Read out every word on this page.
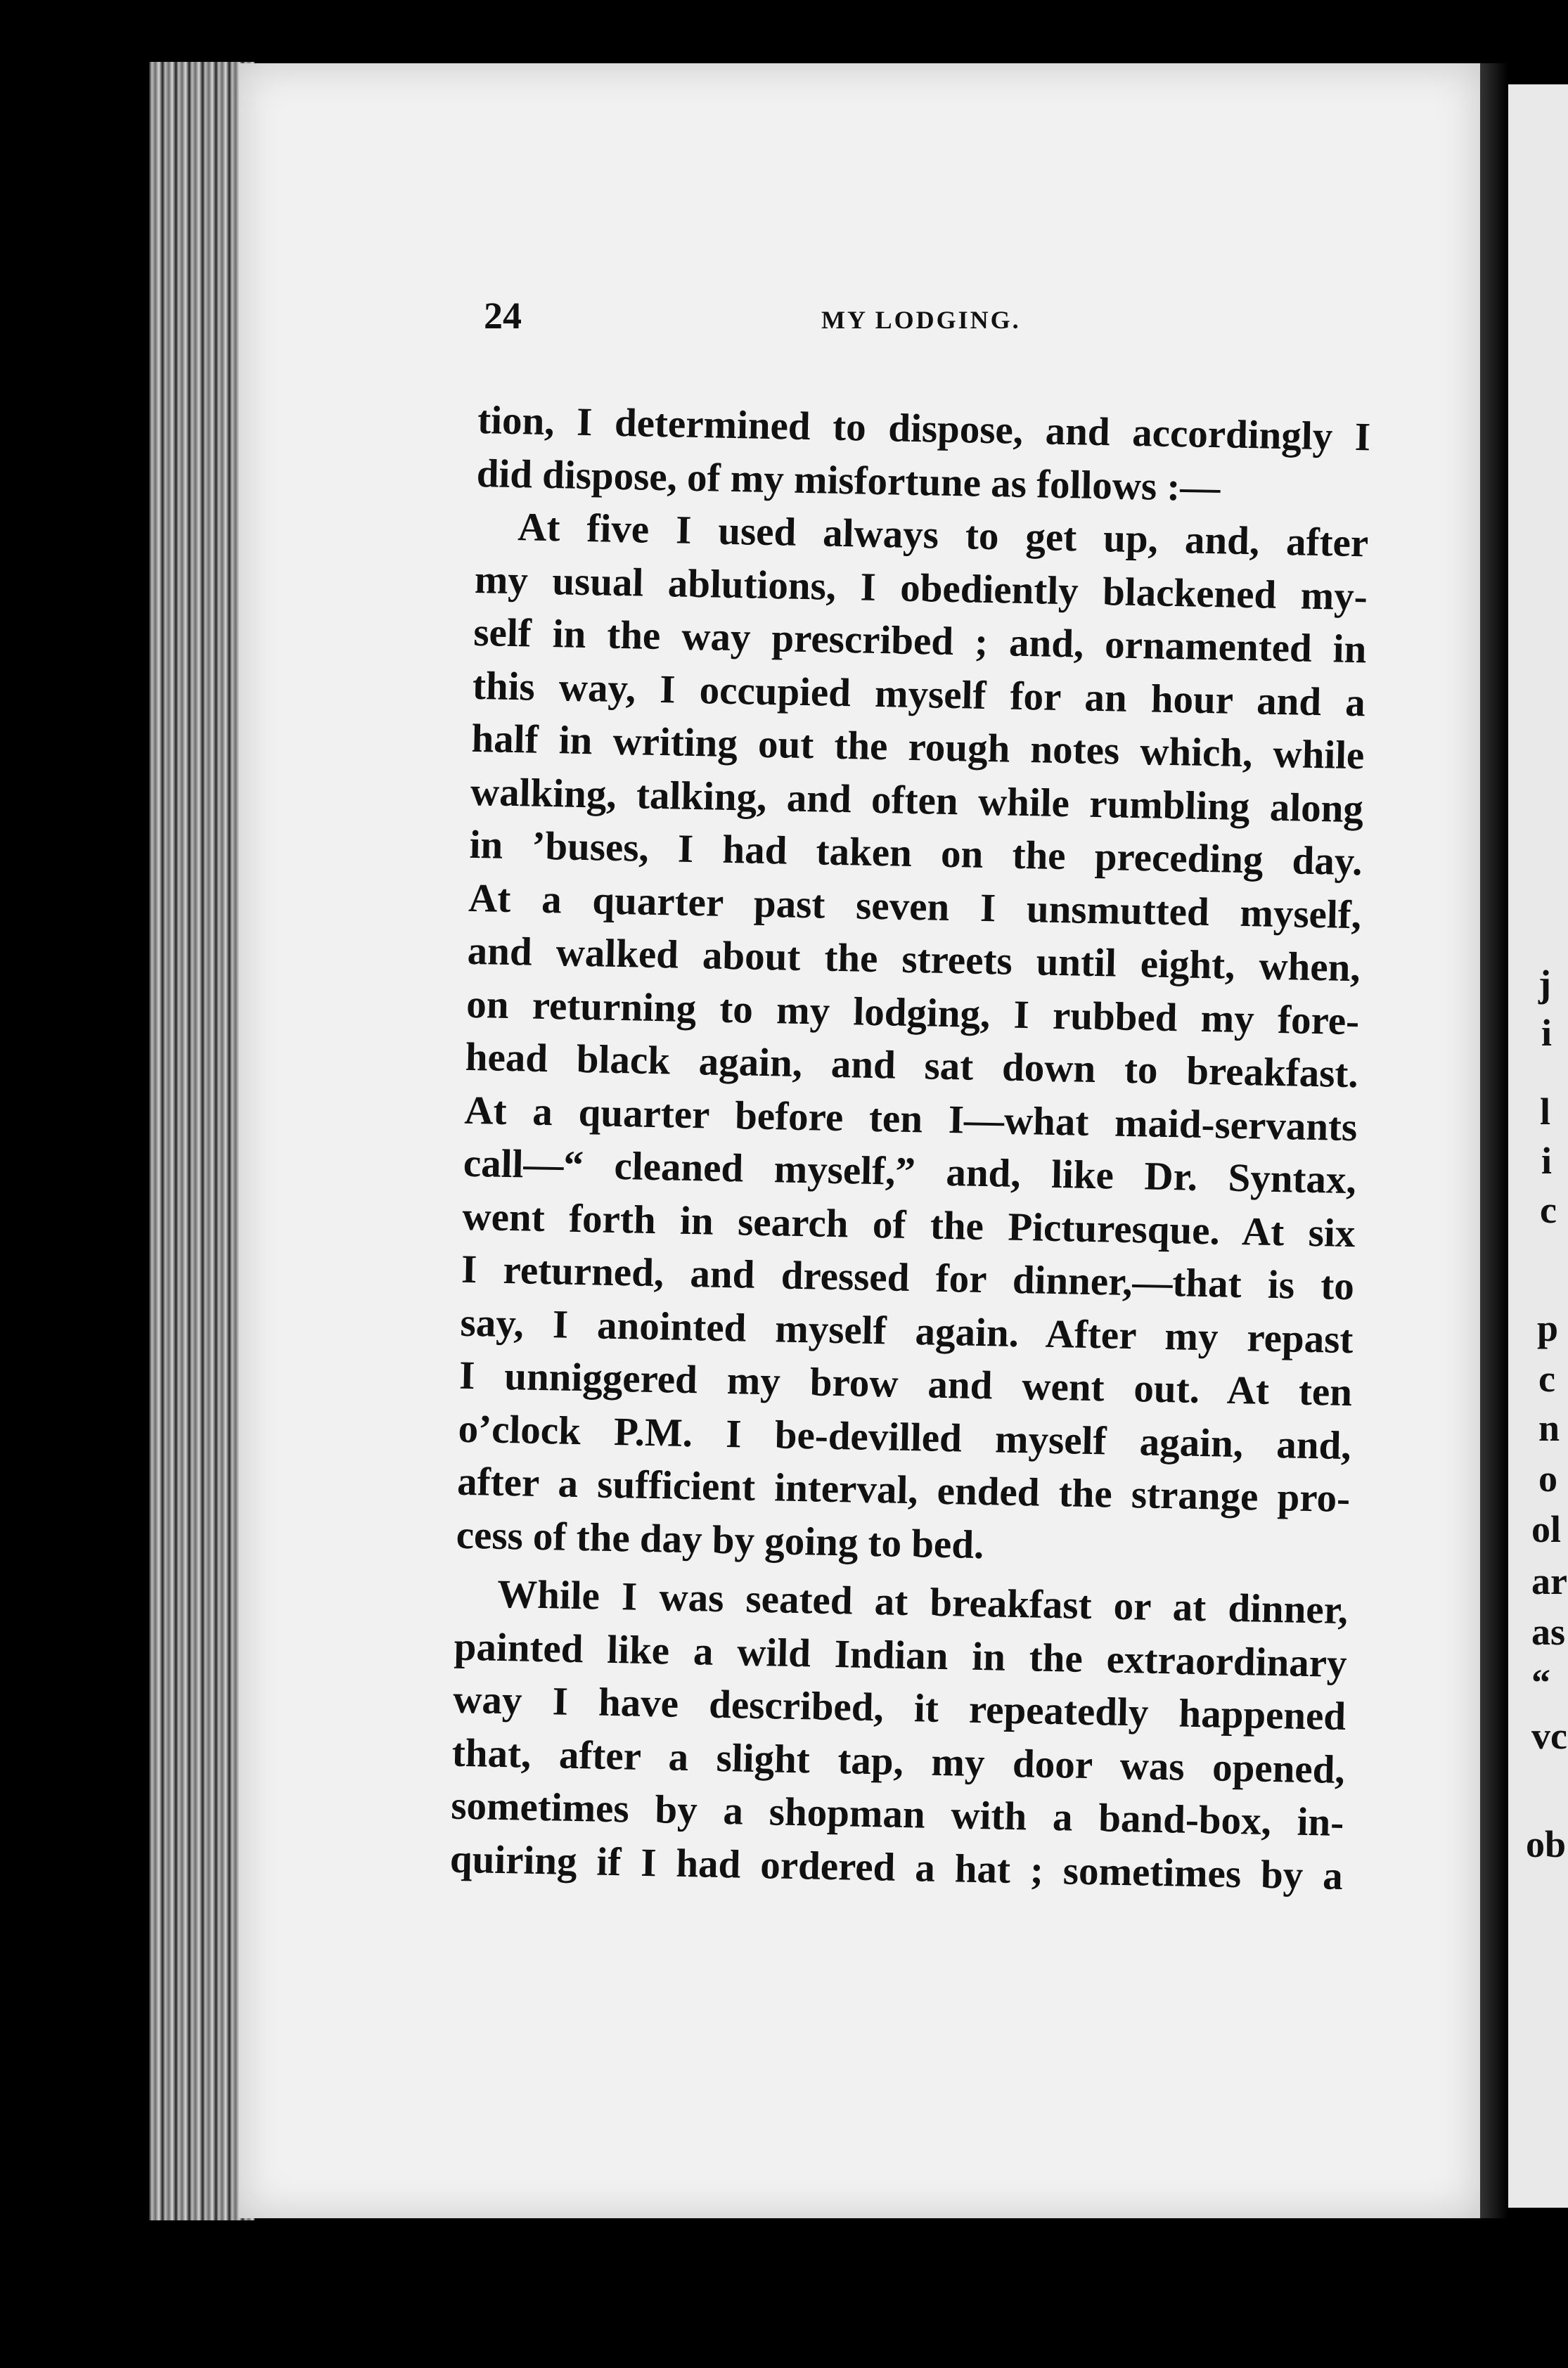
24	MY LODGING.
tion, I determined to dispose, and accordingly I
did dispose, of my misfortune as follows :—
At five I used always to get up, and, after
my usual ablutions, I obediently blackened my-
self in the way prescribed ; and, ornamented in
this way, I occupied myself for an hour and a
half in writing out the rough notes which, while
walking, talking, and often while rumbling along
in ’buses, I had taken on the preceding day.
At a quarter past seven I unsmutted myself,
and walked about the streets until eight, when,
on returning to my lodging, I rubbed my fore-
head black again, and sat down to breakfast.
At a quarter before ten I—what maid-servants
call—“ cleaned myself,” and, like Dr. Syntax,
went forth in search of the Picturesque. At six
I returned, and dressed for dinner,—that is to
say, I anointed myself again. After my repast
I unniggered my brow and went out. At ten
o’clock P.M. I be-devilled myself again, and,
after a sufficient interval, ended the strange pro-
cess of the day by going to bed.
While I was seated at breakfast or at dinner,
painted like a wild Indian in the extraordinary
way I have described, it repeatedly happened
that, after a slight tap, my door was opened,
sometimes by a shopman with a band-box, in-
quiring if I had ordered a hat ; sometimes by a
j
i
l
i
c
p
c
n
o
ol
ar
as
“
vc
ob
